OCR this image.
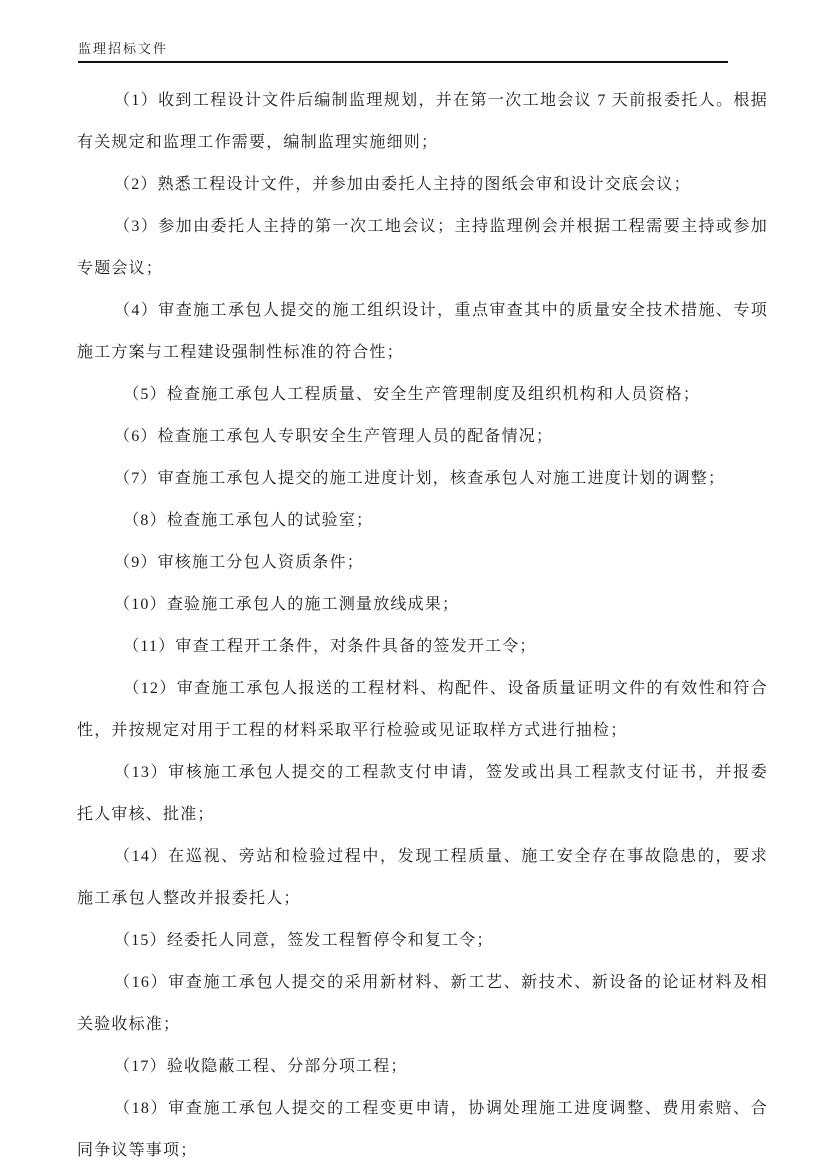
监理招标文件

（1）收到工程设计文件后编制监理规划，并在第一次工地会议 7 天前报委托人。根据有关规定和监理工作需要，编制监理实施细则；

（2）熟悉工程设计文件，并参加由委托人主持的图纸会审和设计交底会议；

（3）参加由委托人主持的第一次工地会议；主持监理例会并根据工程需要主持或参加专题会议；

（4）审查施工承包人提交的施工组织设计，重点审查其中的质量安全技术措施、专项施工方案与工程建设强制性标准的符合性；

　（5）检查施工承包人工程质量、安全生产管理制度及组织机构和人员资格；

（6）检查施工承包人专职安全生产管理人员的配备情况；

（7）审查施工承包人提交的施工进度计划，核查承包人对施工进度计划的调整；

　（8）检查施工承包人的试验室；

（9）审核施工分包人资质条件；

（10）查验施工承包人的施工测量放线成果；

　（11）审查工程开工条件，对条件具备的签发开工令；

　（12）审查施工承包人报送的工程材料、构配件、设备质量证明文件的有效性和符合性，并按规定对用于工程的材料采取平行检验或见证取样方式进行抽检；

（13）审核施工承包人提交的工程款支付申请，签发或出具工程款支付证书，并报委托人审核、批准；

（14）在巡视、旁站和检验过程中，发现工程质量、施工安全存在事故隐患的，要求施工承包人整改并报委托人；

（15）经委托人同意，签发工程暂停令和复工令；

（16）审查施工承包人提交的采用新材料、新工艺、新技术、新设备的论证材料及相关验收标准；

（17）验收隐蔽工程、分部分项工程；

（18）审查施工承包人提交的工程变更申请，协调处理施工进度调整、费用索赔、合同争议等事项；
